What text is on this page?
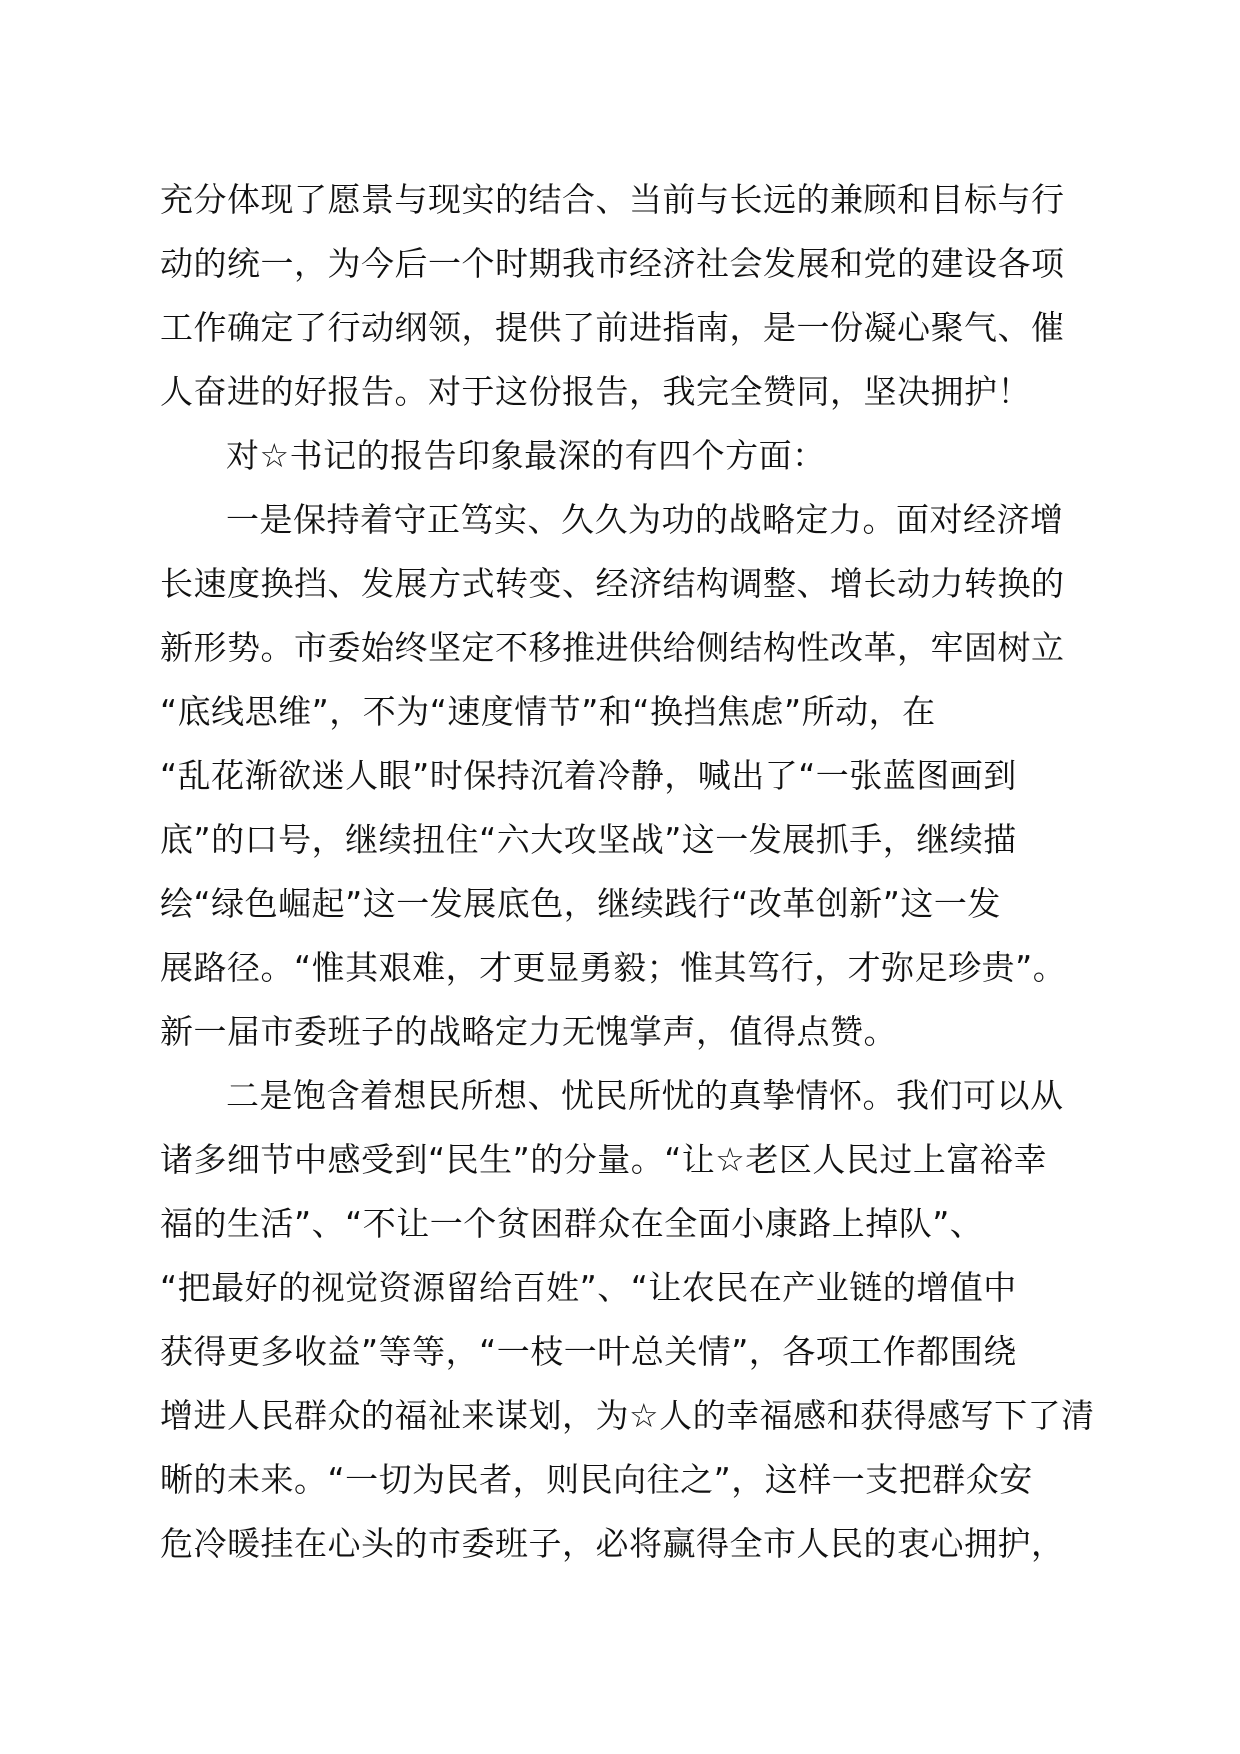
充分体现了愿景与现实的结合、当前与长远的兼顾和目标与行
动的统一，为今后一个时期我市经济社会发展和党的建设各项
工作确定了行动纲领，提供了前进指南，是一份凝心聚气、催
人奋进的好报告。对于这份报告，我完全赞同，坚决拥护！
对☆书记的报告印象最深的有四个方面：
一是保持着守正笃实、久久为功的战略定力。面对经济增
长速度换挡、发展方式转变、经济结构调整、增长动力转换的
新形势。市委始终坚定不移推进供给侧结构性改革，牢固树立
“底线思维”，不为“速度情节”和“换挡焦虑”所动，在
“乱花渐欲迷人眼”时保持沉着冷静，喊出了“一张蓝图画到
底”的口号，继续扭住“六大攻坚战”这一发展抓手，继续描
绘“绿色崛起”这一发展底色，继续践行“改革创新”这一发
展路径。“惟其艰难，才更显勇毅；惟其笃行，才弥足珍贵”。
新一届市委班子的战略定力无愧掌声，值得点赞。
二是饱含着想民所想、忧民所忧的真挚情怀。我们可以从
诸多细节中感受到“民生”的分量。“让☆老区人民过上富裕幸
福的生活”、“不让一个贫困群众在全面小康路上掉队”、
“把最好的视觉资源留给百姓”、“让农民在产业链的增值中
获得更多收益”等等，“一枝一叶总关情”，各项工作都围绕
增进人民群众的福祉来谋划，为☆人的幸福感和获得感写下了清
晰的未来。“一切为民者，则民向往之”，这样一支把群众安
危冷暖挂在心头的市委班子，必将赢得全市人民的衷心拥护，
